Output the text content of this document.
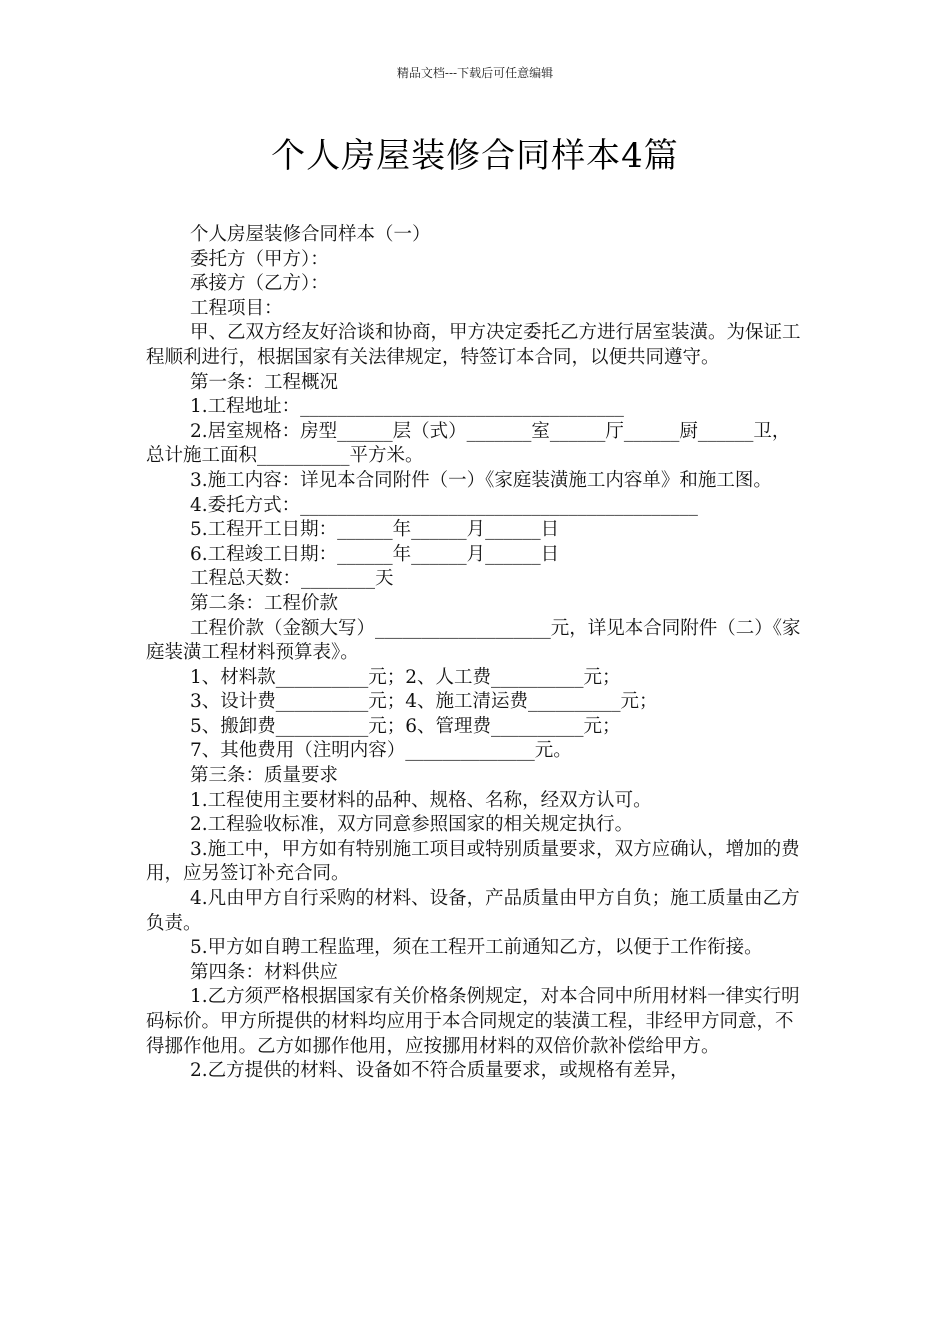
精品文档---下载后可任意编辑
个人房屋装修合同样本4篇

个人房屋装修合同样本（一）

委托方（甲方）：

承接方（乙方）：

工程项目：

甲、乙双方经友好洽谈和协商，甲方决定委托乙方进行居室装潢。为保证工程顺利进行，根据国家有关法律规定，特签订本合同，以便共同遵守。

第一条：工程概况

1.工程地址：___________________________________

2.居室规格：房型______层（式）_______室______厅______厨______卫，总计施工面积__________平方米。

3.施工内容：详见本合同附件（一）《家庭装潢施工内容单》和施工图。

4.委托方式：___________________________________________

5.工程开工日期：______年______月______日

6.工程竣工日期：______年______月______日

工程总天数：________天

第二条：工程价款

工程价款（金额大写）___________________元，详见本合同附件（二）《家庭装潢工程材料预算表》。

1、材料款__________元；2、人工费__________元；

3、设计费__________元；4、施工清运费__________元；

5、搬卸费__________元；6、管理费__________元；

7、其他费用（注明内容）______________元。

第三条：质量要求

1.工程使用主要材料的品种、规格、名称，经双方认可。

2.工程验收标准，双方同意参照国家的相关规定执行。

3.施工中，甲方如有特别施工项目或特别质量要求，双方应确认，增加的费用，应另签订补充合同。

4.凡由甲方自行采购的材料、设备，产品质量由甲方自负；施工质量由乙方负责。

5.甲方如自聘工程监理，须在工程开工前通知乙方，以便于工作衔接。

第四条：材料供应

1.乙方须严格根据国家有关价格条例规定，对本合同中所用材料一律实行明码标价。甲方所提供的材料均应用于本合同规定的装潢工程，非经甲方同意，不得挪作他用。乙方如挪作他用，应按挪用材料的双倍价款补偿给甲方。

2.乙方提供的材料、设备如不符合质量要求，或规格有差异，
